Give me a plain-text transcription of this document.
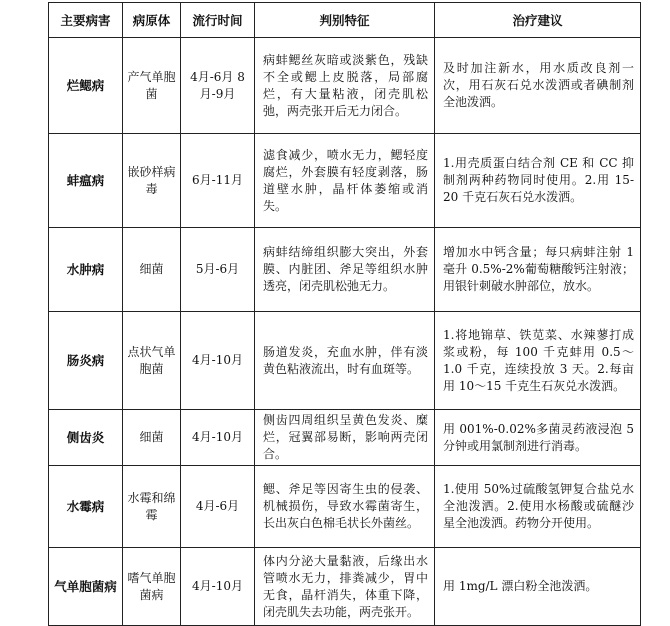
主要病害	病原体	流行时间	判别特征	治疗建议
烂鳃病	产气单胞菌	4月-6月 8月-9月	病蚌鳃丝灰暗或淡紫色，残缺不全或鳃上皮脱落，局部腐烂，有大量粘液，闭壳肌松弛，两壳张开后无力闭合。	及时加注新水，用水质改良剂一次，用石灰石兑水泼洒或者碘制剂全池泼洒。
蚌瘟病	嵌砂样病毒	6月-11月	滤食减少，喷水无力，鳃轻度腐烂，外套膜有轻度剥落，肠道壁水肿，晶杆体萎缩或消失。	1.用壳质蛋白结合剂 CE 和 CC 抑制剂两种药物同时使用。2.用 15-20 千克石灰石兑水泼洒。
水肿病	细菌	5月-6月	病蚌结缔组织膨大突出，外套膜、内脏团、斧足等组织水肿透亮，闭壳肌松弛无力。	增加水中钙含量；每只病蚌注射 1 毫升 0.5%-2%葡萄糖酸钙注射液；用银针刺破水肿部位，放水。
肠炎病	点状气单胞菌	4月-10月	肠道发炎，充血水肿，伴有淡黄色粘液流出，时有血斑等。	1.将地锦草、铁苋菜、水辣蓼打成浆或粉，每 100 千克蚌用 0.5～1.0 千克，连续投放 3 天。2.每亩用 10～15 千克生石灰兑水泼洒。
侧齿炎	细菌	4月-10月	侧齿四周组织呈黄色发炎、糜烂，冠翼部易断，影响两壳闭合。	用 001%-0.02%多菌灵药液浸泡 5 分钟或用氯制剂进行消毒。
水霉病	水霉和绵霉	4月-6月	鳃、斧足等因寄生虫的侵袭、机械损伤，导致水霉菌寄生，长出灰白色棉毛状长外菌丝。	1.使用 50%过硫酸氢钾复合盐兑水全池泼洒。2.使用水杨酸或硫醚沙星全池泼洒。药物分开使用。
气单胞菌病	嗜气单胞菌病	4月-10月	体内分泌大量黏液，后缘出水管喷水无力，排粪减少，胃中无食，晶杆消失，体重下降，闭壳肌失去功能，两壳张开。	用 1mg/L 漂白粉全池泼洒。
